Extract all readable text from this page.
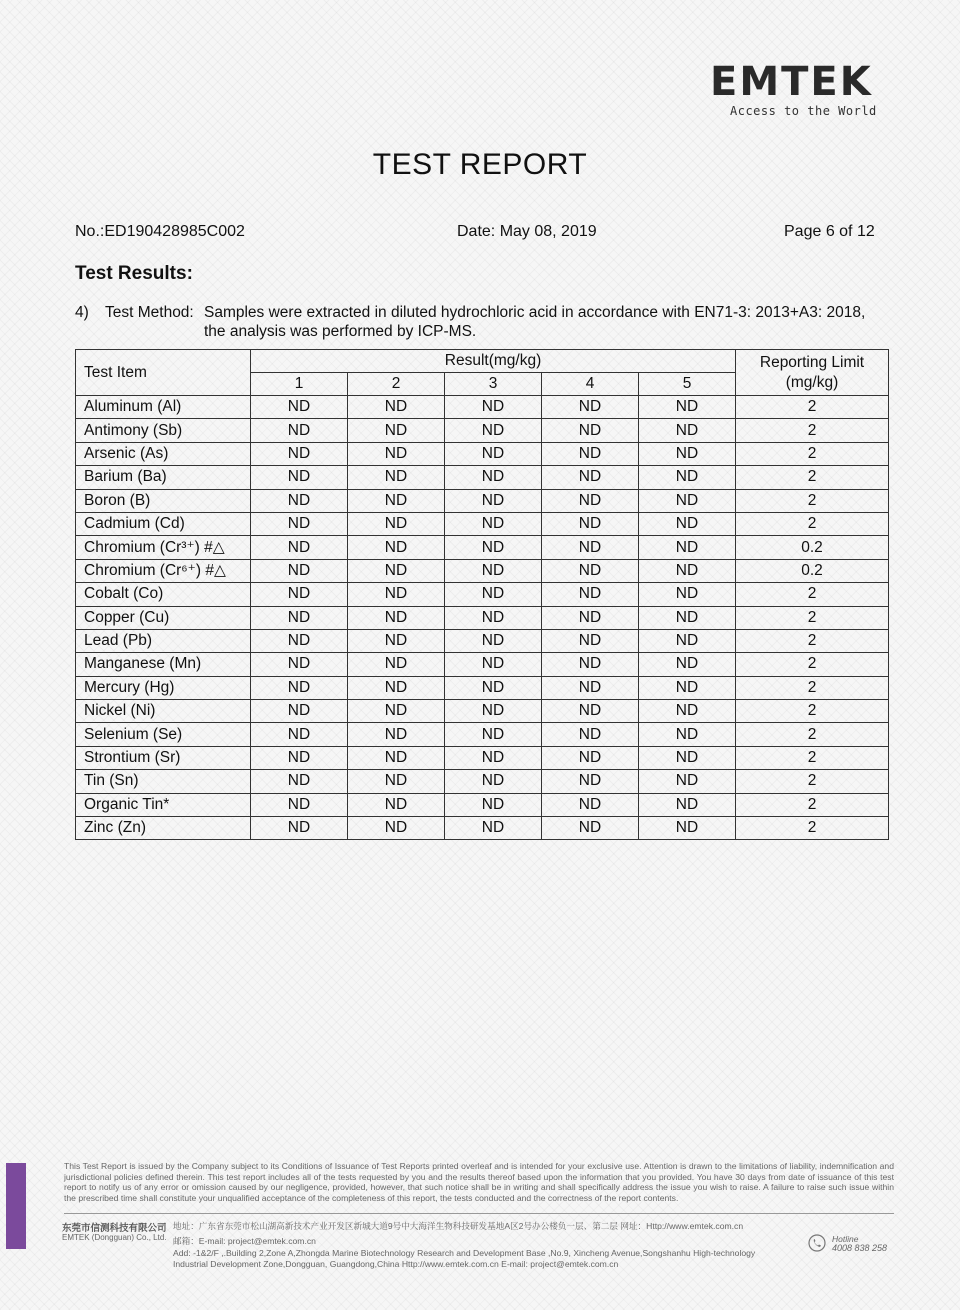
EMTEK
Access to the World
TEST REPORT
No.:ED190428985C002	Date: May 08, 2019	Page 6 of 12
Test Results:
4) Test Method: Samples were extracted in diluted hydrochloric acid in accordance with EN71-3: 2013+A3: 2018,
the analysis was performed by ICP-MS.
Test Item	Result(mg/kg)					Reporting Limit
(mg/kg)

	1	2	3	4	5	
Aluminum (Al)	ND	ND	ND	ND	ND	2
Antimony (Sb)	ND	ND	ND	ND	ND	2
Arsenic (As)	ND	ND	ND	ND	ND	2
Barium (Ba)	ND	ND	ND	ND	ND	2
Boron (B)	ND	ND	ND	ND	ND	2
Cadmium (Cd)	ND	ND	ND	ND	ND	2
Chromium (Cr³⁺) #△	ND	ND	ND	ND	ND	0.2
Chromium (Cr⁶⁺) #△	ND	ND	ND	ND	ND	0.2
Cobalt (Co)	ND	ND	ND	ND	ND	2
Copper (Cu)	ND	ND	ND	ND	ND	2
Lead (Pb)	ND	ND	ND	ND	ND	2
Manganese (Mn)	ND	ND	ND	ND	ND	2
Mercury (Hg)	ND	ND	ND	ND	ND	2
Nickel (Ni)	ND	ND	ND	ND	ND	2
Selenium (Se)	ND	ND	ND	ND	ND	2
Strontium (Sr)	ND	ND	ND	ND	ND	2
Tin (Sn)	ND	ND	ND	ND	ND	2
Organic Tin*	ND	ND	ND	ND	ND	2
Zinc (Zn)	ND	ND	ND	ND	ND	2
This Test Report is issued by the Company subject to its Conditions of Issuance of Test Reports printed overleaf and is intended for your exclusive use. Attention is drawn to the limitations of liability, indemnification and jurisdictional policies defined therein. This test report includes all of the tests requested by you and the results thereof based upon the information that you provided. You have 30 days from date of issuance of this test report to notify us of any error or omission caused by our negligence, provided, however, that such notice shall be in writing and shall specifically address the issue you wish to raise. A failure to raise such issue within the prescribed time shall constitute your unqualified acceptance of the completeness of this report, the tests conducted and the correctness of the report contents.
东莞市信测科技有限公司
EMTEK (Dongguan) Co., Ltd.
地址：广东省东莞市松山湖高新技术产业开发区新城大道9号中大海洋生物科技研发基地A区2号办公楼负一层、第二层 网址：Http://www.emtek.com.cn
邮箱：E-mail: project@emtek.com.cn
Add: -1&2/F ,.Building 2,Zone A,Zhongda Marine Biotechnology Research and Development Base ,No.9, Xincheng Avenue,Songshanhu High-technology
Industrial Development Zone,Dongguan, Guangdong,China Http://www.emtek.com.cn E-mail: project@emtek.com.cn
Hotline
4008 838 258
